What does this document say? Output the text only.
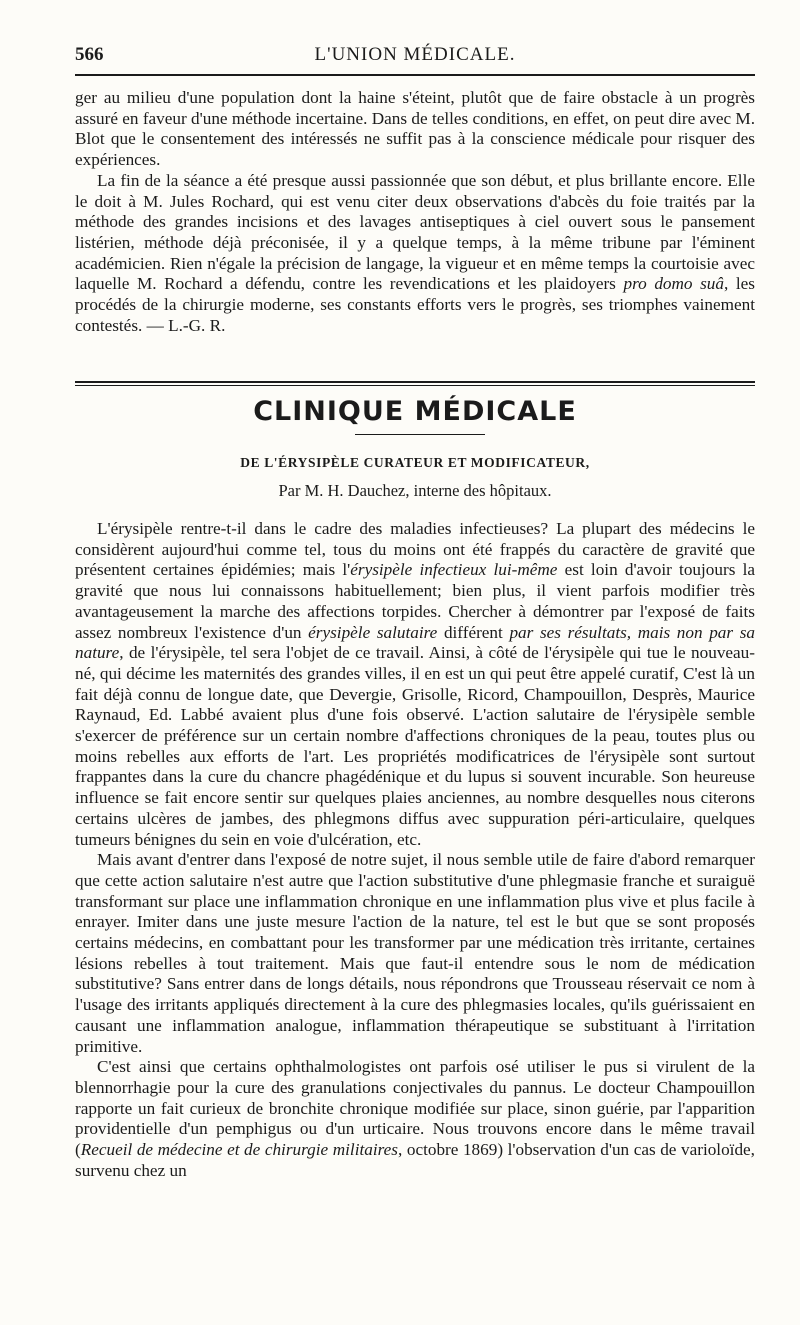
566	L'UNION MÉDICALE.

ger au milieu d'une population dont la haine s'éteint, plutôt que de faire obstacle à un progrès assuré en faveur d'une méthode incertaine. Dans de telles conditions, en effet, on peut dire avec M. Blot que le consentement des intéressés ne suffit pas à la conscience médicale pour risquer des expériences.

La fin de la séance a été presque aussi passionnée que son début, et plus brillante encore. Elle le doit à M. Jules Rochard, qui est venu citer deux observations d'abcès du foie traités par la méthode des grandes incisions et des lavages antiseptiques à ciel ouvert sous le pansement listérien, méthode déjà préconisée, il y a quelque temps, à la même tribune par l'éminent académicien. Rien n'égale la précision de langage, la vigueur et en même temps la courtoisie avec laquelle M. Rochard a défendu, contre les revendications et les plaidoyers pro domo suâ, les procédés de la chirurgie moderne, ses constants efforts vers le progrès, ses triomphes vainement contestés. — L.-G. R.

CLINIQUE MÉDICALE
DE L'ÉRYSIPÈLE CURATEUR ET MODIFICATEUR,
Par M. H. Dauchez, interne des hôpitaux.

L'érysipèle rentre-t-il dans le cadre des maladies infectieuses? La plupart des médecins le considèrent aujourd'hui comme tel, tous du moins ont été frappés du caractère de gravité que présentent certaines épidémies; mais l'érysipèle infectieux lui-même est loin d'avoir toujours la gravité que nous lui connaissons habituellement; bien plus, il vient parfois modifier très avantageusement la marche des affections torpides. Chercher à démontrer par l'exposé de faits assez nombreux l'existence d'un érysipèle salutaire différent par ses résultats, mais non par sa nature, de l'érysipèle, tel sera l'objet de ce travail. Ainsi, à côté de l'érysipèle qui tue le nouveau-né, qui décime les maternités des grandes villes, il en est un qui peut être appelé curatif, C'est là un fait déjà connu de longue date, que Devergie, Grisolle, Ricord, Champouillon, Desprès, Maurice Raynaud, Ed. Labbé avaient plus d'une fois observé. L'action salutaire de l'érysipèle semble s'exercer de préférence sur un certain nombre d'affections chroniques de la peau, toutes plus ou moins rebelles aux efforts de l'art. Les propriétés modificatrices de l'érysipèle sont surtout frappantes dans la cure du chancre phagédénique et du lupus si souvent incurable. Son heureuse influence se fait encore sentir sur quelques plaies anciennes, au nombre desquelles nous citerons certains ulcères de jambes, des phlegmons diffus avec suppuration péri-articulaire, quelques tumeurs bénignes du sein en voie d'ulcération, etc.

Mais avant d'entrer dans l'exposé de notre sujet, il nous semble utile de faire d'abord remarquer que cette action salutaire n'est autre que l'action substitutive d'une phlegmasie franche et suraiguë transformant sur place une inflammation chronique en une inflammation plus vive et plus facile à enrayer. Imiter dans une juste mesure l'action de la nature, tel est le but que se sont proposés certains médecins, en combattant pour les transformer par une médication très irritante, certaines lésions rebelles à tout traitement. Mais que faut-il entendre sous le nom de médication substitutive? Sans entrer dans de longs détails, nous répondrons que Trousseau réservait ce nom à l'usage des irritants appliqués directement à la cure des phlegmasies locales, qu'ils guérissaient en causant une inflammation analogue, inflammation thérapeutique se substituant à l'irritation primitive.

C'est ainsi que certains ophthalmologistes ont parfois osé utiliser le pus si virulent de la blennorrhagie pour la cure des granulations conjectivales du pannus. Le docteur Champouillon rapporte un fait curieux de bronchite chronique modifiée sur place, sinon guérie, par l'apparition providentielle d'un pemphigus ou d'un urticaire. Nous trouvons encore dans le même travail (Recueil de médecine et de chirurgie militaires, octobre 1869) l'observation d'un cas de varioloïde, survenu chez un
